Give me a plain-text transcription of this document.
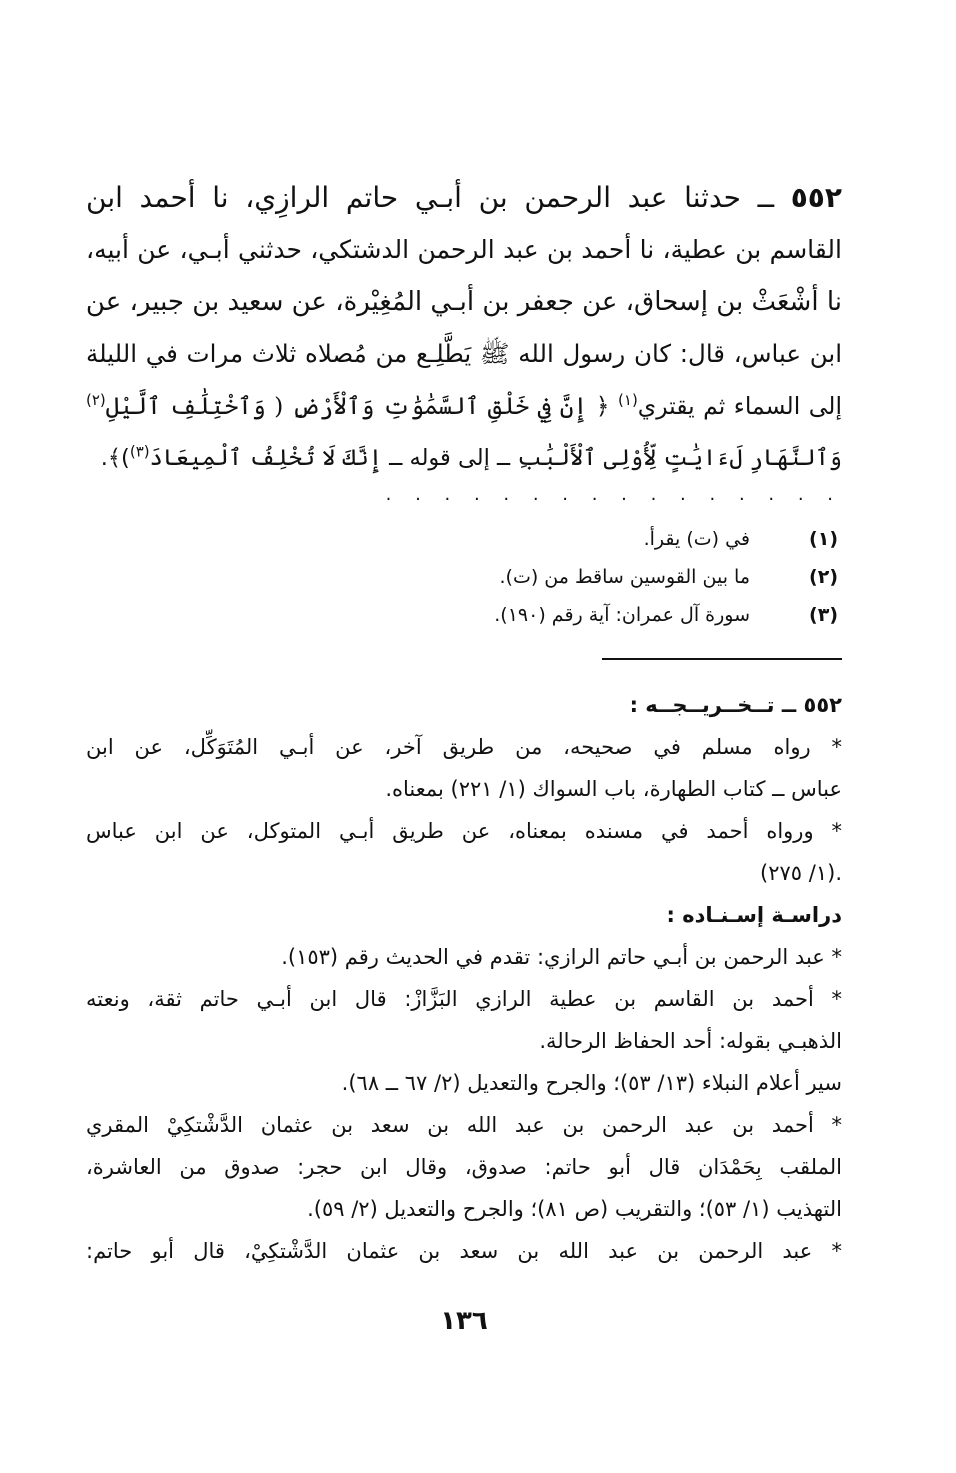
٥٥٢ ــ حدثنا عبد الرحمن بن أبـي حاتم الرازِي، نا أحمد ابن
القاسم بن عطية، نا أحمد بن عبد الرحمن الدشتكي، حدثني أبـي، عن أبيه،
نا أشْعَثْ بن إسحاق، عن جعفر بن أبـي المُغِيْرة، عن سعيد بن جبير، عن
ابن عباس، قال: كان رسول الله ﷺ يَطَّلِـع من مُصلاه ثلاث مرات في الليلة
إلى السماء ثم يقتري$^{(١)}$ ﴿ إِنَّ فِي خَلْقِ ٱلسَّمَٰوَٰتِ وَٱلْأَرْضِ ( وَٱخْتِلَٰفِ ٱلَّيْلِ$^{(٢)}$
وَٱلنَّهَارِ لَءَايَٰتٍ لِّأُوْلِى ٱلْأَلْبَٰبِ ــ إلى قوله ــ إِنَّكَ لَا تُخْلِفُ ٱلْمِيعَادَ$^{(٣)}$)﴾.
. . . . . . . . . . . . . . . .
(١)
في (ت) يقرأ.
(٢)
ما بين القوسين ساقط من (ت).
(٣)
سورة آل عمران: آية رقم (١٩٠).
٥٥٢ ــ تــخــريــجــه :
* رواه مسلم في صحيحه، من طريق آخر، عن أبـي المُتَوَكِّل، عن ابن
عباس ــ كتاب الطهارة، باب السواك (١/ ٢٢١) بمعناه.
* ورواه أحمد في مسنده بمعناه، عن طريق أبـي المتوكل، عن ابن عباس
.(١/ ٢٧٥)
دراسـة إسـنـاده :
* عبد الرحمن بن أبـي حاتم الرازي: تقدم في الحديث رقم (١٥٣).
* أحمد بن القاسم بن عطية الرازي البَزَّازْ: قال ابن أبـي حاتم ثقة، ونعته
الذهبـي بقوله: أحد الحفاظ الرحالة.
سير أعلام النبلاء (١٣/ ٥٣)؛ والجرح والتعديل (٢/ ٦٧ ــ ٦٨).
* أحمد بن عبد الرحمن بن عبد الله بن سعد بن عثمان الدَّشْتكِيْ المقري
الملقب بِحَمْدَان قال أبو حاتم: صدوق، وقال ابن حجر: صدوق من العاشرة،
التهذيب (١/ ٥٣)؛ والتقريب (ص ٨١)؛ والجرح والتعديل (٢/ ٥٩).
* عبد الرحمن بن عبد الله بن سعد بن عثمان الدَّشْتكِيْ، قال أبو حاتم:
١٣٦
